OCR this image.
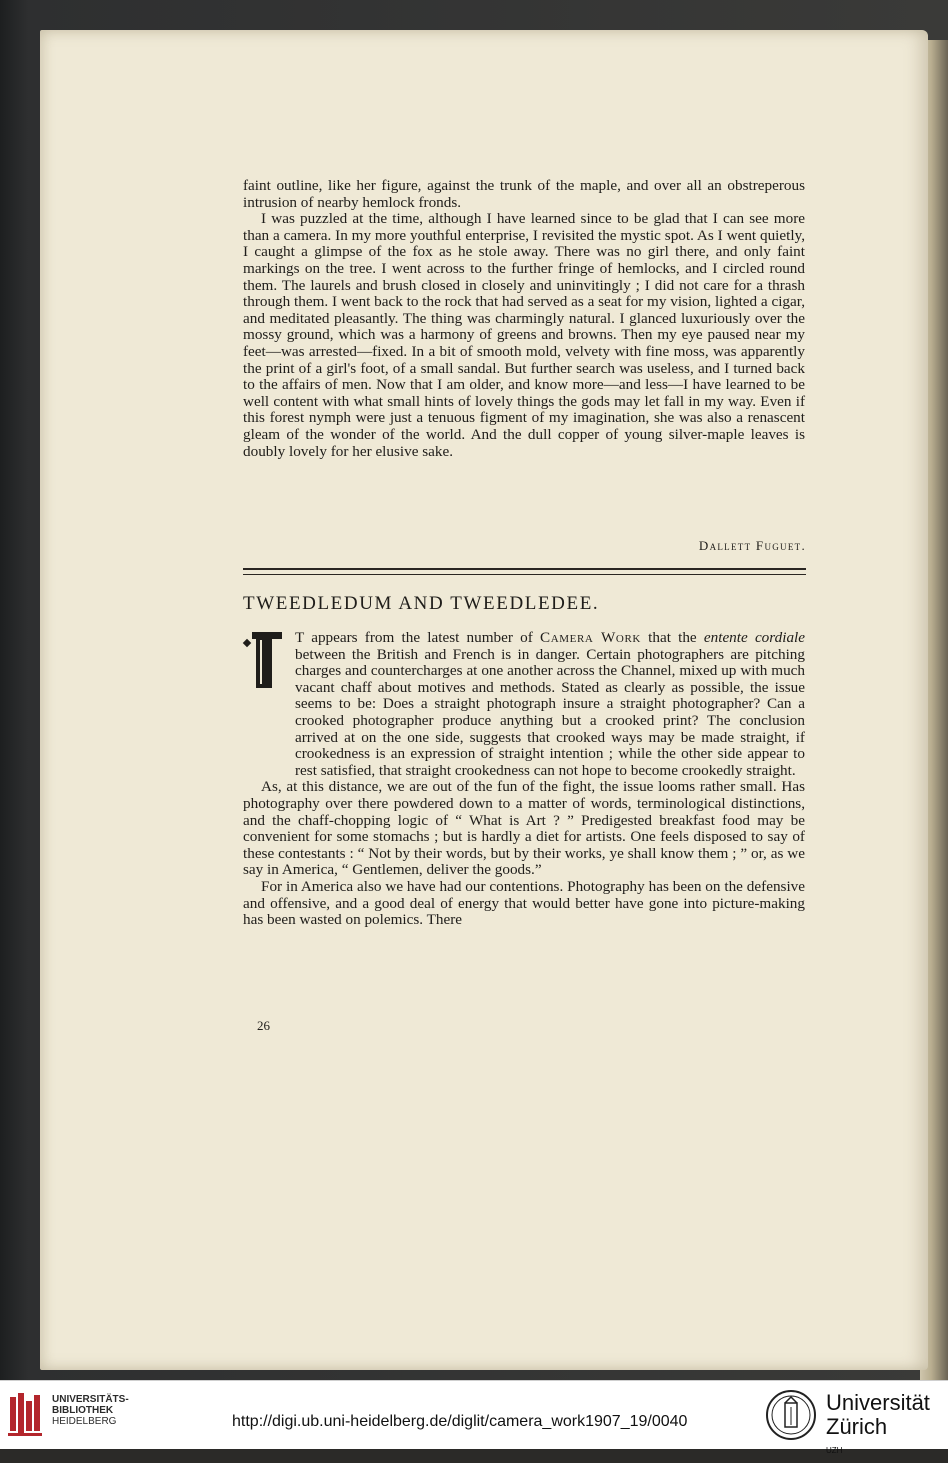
faint outline, like her figure, against the trunk of the maple, and over all an obstreperous intrusion of nearby hemlock fronds.

I was puzzled at the time, although I have learned since to be glad that I can see more than a camera. In my more youthful enterprise, I revisited the mystic spot. As I went quietly, I caught a glimpse of the fox as he stole away. There was no girl there, and only faint markings on the tree. I went across to the further fringe of hemlocks, and I circled round them. The laurels and brush closed in closely and uninvitingly ; I did not care for a thrash through them. I went back to the rock that had served as a seat for my vision, lighted a cigar, and meditated pleasantly. The thing was charmingly natural. I glanced luxuriously over the mossy ground, which was a harmony of greens and browns. Then my eye paused near my feet—was arrested—fixed. In a bit of smooth mold, velvety with fine moss, was apparently the print of a girl's foot, of a small sandal. But further search was useless, and I turned back to the affairs of men. Now that I am older, and know more—and less—I have learned to be well content with what small hints of lovely things the gods may let fall in my way. Even if this forest nymph were just a tenuous figment of my imagination, she was also a renascent gleam of the wonder of the world. And the dull copper of young silver-maple leaves is doubly lovely for her elusive sake.

Dallett Fuguet.
TWEEDLEDUM AND TWEEDLEDEE.

T appears from the latest number of Camera Work that the entente cordiale between the British and French is in danger. Certain photographers are pitching charges and countercharges at one another across the Channel, mixed up with much vacant chaff about motives and methods. Stated as clearly as possible, the issue seems to be: Does a straight photograph insure a straight photographer? Can a crooked photographer produce anything but a crooked print? The conclusion arrived at on the one side, suggests that crooked ways may be made straight, if crookedness is an expression of straight intention ; while the other side appear to rest satisfied, that straight crookedness can not hope to become crookedly straight.

As, at this distance, we are out of the fun of the fight, the issue looms rather small. Has photography over there powdered down to a matter of words, terminological distinctions, and the chaff-chopping logic of “ What is Art ? ” Predigested breakfast food may be convenient for some stomachs ; but is hardly a diet for artists. One feels disposed to say of these contestants : “ Not by their words, but by their works, ye shall know them ; ” or, as we say in America, “ Gentlemen, deliver the goods.”

For in America also we have had our contentions. Photography has been on the defensive and offensive, and a good deal of energy that would better have gone into picture-making has been wasted on polemics. There

26
UNIVERSITÄTS-
BIBLIOTHEK
HEIDELBERG	http://digi.ub.uni-heidelberg.de/diglit/camera_work1907_19/0040
Universität
Zürich
UZH
